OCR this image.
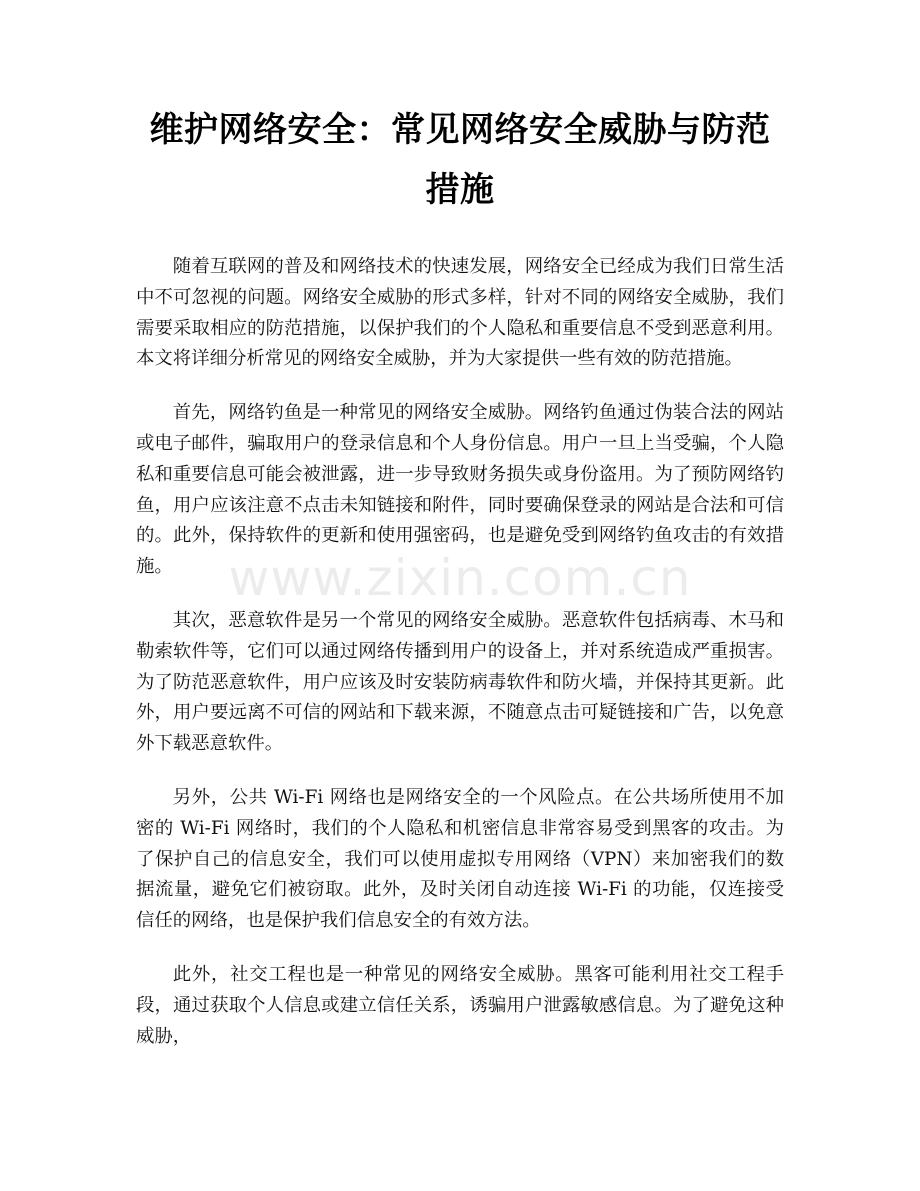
维护网络安全：常见网络安全威胁与防范措施

随着互联网的普及和网络技术的快速发展，网络安全已经成为我们日常生活中不可忽视的问题。网络安全威胁的形式多样，针对不同的网络安全威胁，我们需要采取相应的防范措施，以保护我们的个人隐私和重要信息不受到恶意利用。本文将详细分析常见的网络安全威胁，并为大家提供一些有效的防范措施。

首先，网络钓鱼是一种常见的网络安全威胁。网络钓鱼通过伪装合法的网站或电子邮件，骗取用户的登录信息和个人身份信息。用户一旦上当受骗，个人隐私和重要信息可能会被泄露，进一步导致财务损失或身份盗用。为了预防网络钓鱼，用户应该注意不点击未知链接和附件，同时要确保登录的网站是合法和可信的。此外，保持软件的更新和使用强密码，也是避免受到网络钓鱼攻击的有效措施。

其次，恶意软件是另一个常见的网络安全威胁。恶意软件包括病毒、木马和勒索软件等，它们可以通过网络传播到用户的设备上，并对系统造成严重损害。为了防范恶意软件，用户应该及时安装防病毒软件和防火墙，并保持其更新。此外，用户要远离不可信的网站和下载来源，不随意点击可疑链接和广告，以免意外下载恶意软件。

另外，公共 Wi-Fi 网络也是网络安全的一个风险点。在公共场所使用不加密的 Wi-Fi 网络时，我们的个人隐私和机密信息非常容易受到黑客的攻击。为了保护自己的信息安全，我们可以使用虚拟专用网络（VPN）来加密我们的数据流量，避免它们被窃取。此外，及时关闭自动连接 Wi-Fi 的功能，仅连接受信任的网络，也是保护我们信息安全的有效方法。

此外，社交工程也是一种常见的网络安全威胁。黑客可能利用社交工程手段，通过获取个人信息或建立信任关系，诱骗用户泄露敏感信息。为了避免这种威胁，

www.zixin.com.cn
